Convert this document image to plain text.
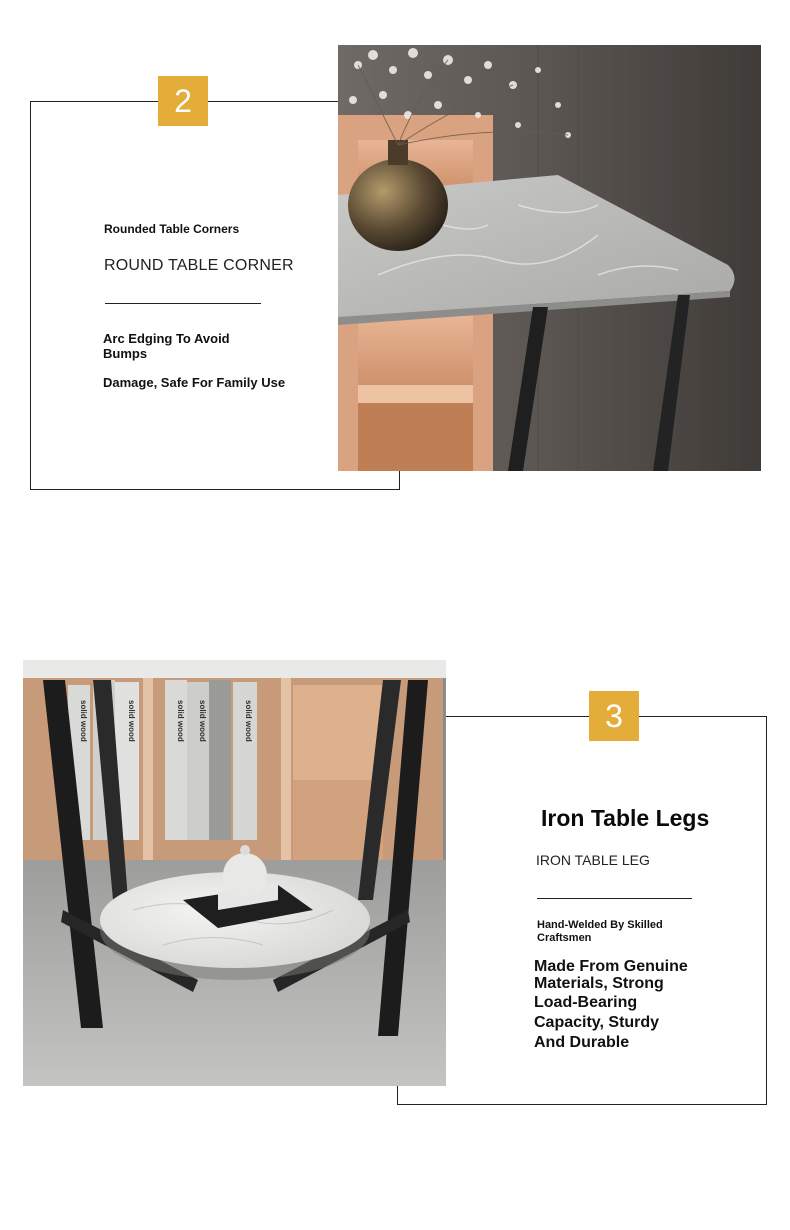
2
Rounded Table Corners
ROUND TABLE CORNER
Arc Edging To Avoid
Bumps
Damage, Safe For Family Use
solid wood	solid wood	solid wood solid wood	solid wood	3
Iron Table Legs
IRON TABLE LEG
Hand-Welded By Skilled
Craftsmen
Made From Genuine
Materials, Strong
Load-Bearing
Capacity, Sturdy
And Durable
